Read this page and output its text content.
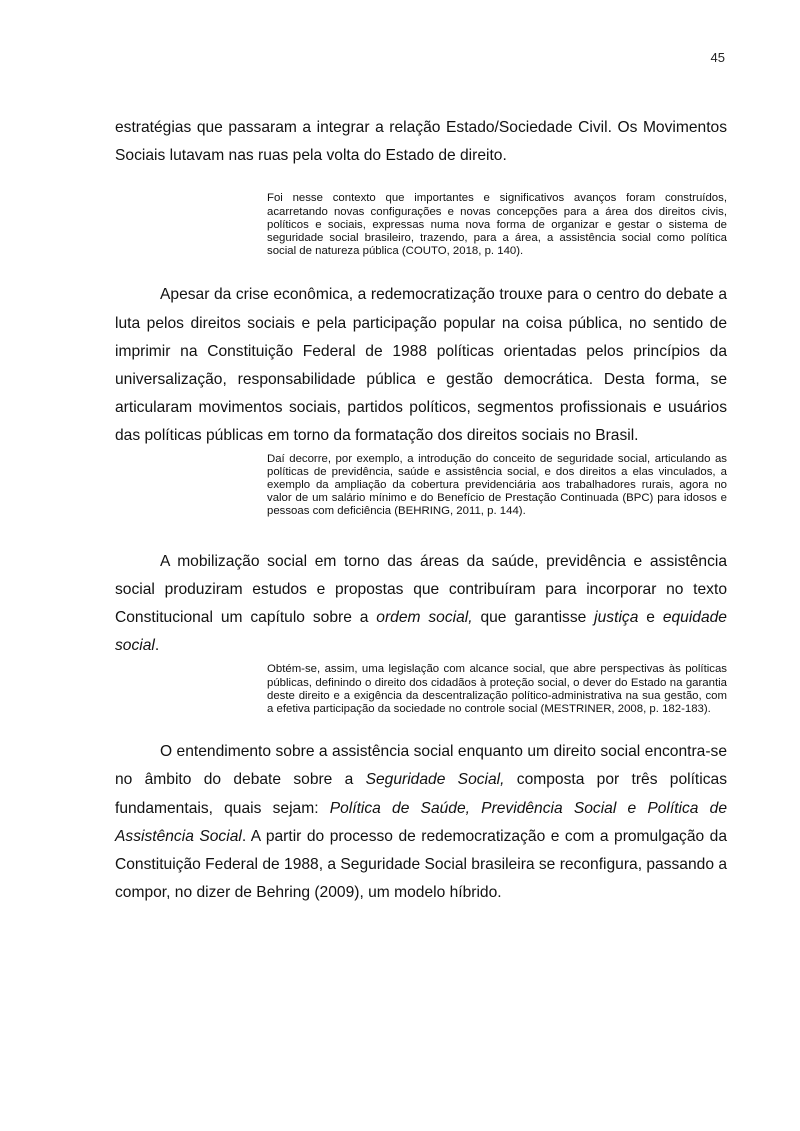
45

estratégias que passaram a integrar a relação Estado/Sociedade Civil. Os Movimentos Sociais lutavam nas ruas pela volta do Estado de direito.

Foi nesse contexto que importantes e significativos avanços foram construídos, acarretando novas configurações e novas concepções para a área dos direitos civis, políticos e sociais, expressas numa nova forma de organizar e gestar o sistema de seguridade social brasileiro, trazendo, para a área, a assistência social como política social de natureza pública (COUTO, 2018, p. 140).

Apesar da crise econômica, a redemocratização trouxe para o centro do debate a luta pelos direitos sociais e pela participação popular na coisa pública, no sentido de imprimir na Constituição Federal de 1988 políticas orientadas pelos princípios da universalização, responsabilidade pública e gestão democrática. Desta forma, se articularam movimentos sociais, partidos políticos, segmentos profissionais e usuários das políticas públicas em torno da formatação dos direitos sociais no Brasil.

Daí decorre, por exemplo, a introdução do conceito de seguridade social, articulando as políticas de previdência, saúde e assistência social, e dos direitos a elas vinculados, a exemplo da ampliação da cobertura previdenciária aos trabalhadores rurais, agora no valor de um salário mínimo e do Benefício de Prestação Continuada (BPC) para idosos e pessoas com deficiência (BEHRING, 2011, p. 144).

A mobilização social em torno das áreas da saúde, previdência e assistência social produziram estudos e propostas que contribuíram para incorporar no texto Constitucional um capítulo sobre a ordem social, que garantisse justiça e equidade social.

Obtém-se, assim, uma legislação com alcance social, que abre perspectivas às políticas públicas, definindo o direito dos cidadãos à proteção social, o dever do Estado na garantia deste direito e a exigência da descentralização político-administrativa na sua gestão, com a efetiva participação da sociedade no controle social (MESTRINER, 2008, p. 182-183).

O entendimento sobre a assistência social enquanto um direito social encontra-se no âmbito do debate sobre a Seguridade Social, composta por três políticas fundamentais, quais sejam: Política de Saúde, Previdência Social e Política de Assistência Social. A partir do processo de redemocratização e com a promulgação da Constituição Federal de 1988, a Seguridade Social brasileira se reconfigura, passando a compor, no dizer de Behring (2009), um modelo híbrido.
